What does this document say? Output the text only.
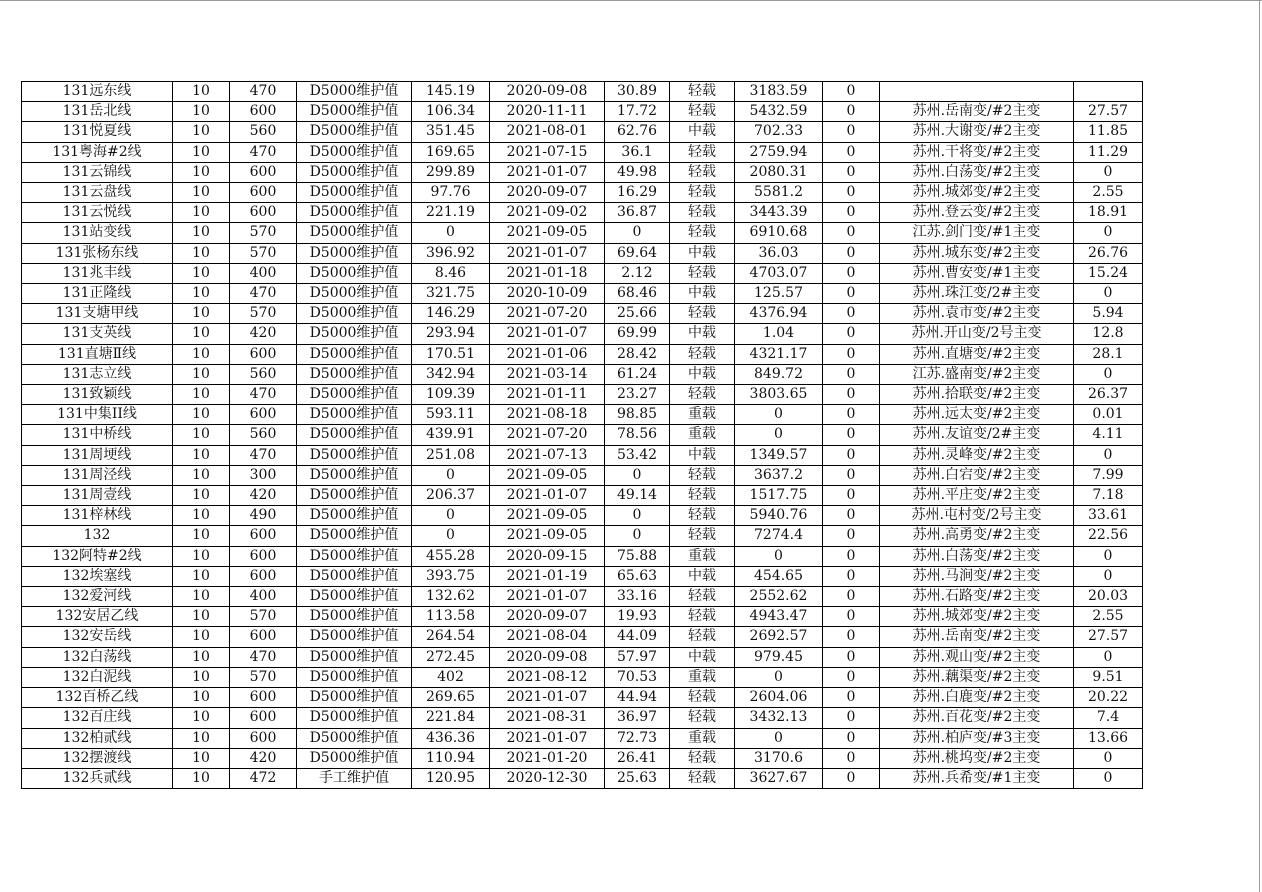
131远东线	10	470	D5000维护值	145.19	2020-09-08	30.89	轻载	3183.59	0		
131岳北线	10	600	D5000维护值	106.34	2020-11-11	17.72	轻载	5432.59	0	苏州.岳南变/#2主变	27.57
131悦夏线	10	560	D5000维护值	351.45	2021-08-01	62.76	中载	702.33	0	苏州.大谢变/#2主变	11.85
131粤海#2线	10	470	D5000维护值	169.65	2021-07-15	36.1	轻载	2759.94	0	苏州.干将变/#2主变	11.29
131云锦线	10	600	D5000维护值	299.89	2021-01-07	49.98	轻载	2080.31	0	苏州.白荡变/#2主变	0
131云盘线	10	600	D5000维护值	97.76	2020-09-07	16.29	轻载	5581.2	0	苏州.城郊变/#2主变	2.55
131云悦线	10	600	D5000维护值	221.19	2021-09-02	36.87	轻载	3443.39	0	苏州.登云变/#2主变	18.91
131站变线	10	570	D5000维护值	0	2021-09-05	0	轻载	6910.68	0	江苏.剑门变/#1主变	0
131张杨东线	10	570	D5000维护值	396.92	2021-01-07	69.64	中载	36.03	0	苏州.城东变/#2主变	26.76
131兆丰线	10	400	D5000维护值	8.46	2021-01-18	2.12	轻载	4703.07	0	苏州.曹安变/#1主变	15.24
131正隆线	10	470	D5000维护值	321.75	2020-10-09	68.46	中载	125.57	0	苏州.珠江变/2#主变	0
131支塘甲线	10	570	D5000维护值	146.29	2021-07-20	25.66	轻载	4376.94	0	苏州.袁市变/#2主变	5.94
131支英线	10	420	D5000维护值	293.94	2021-01-07	69.99	中载	1.04	0	苏州.开山变/2号主变	12.8
131直塘Ⅱ线	10	600	D5000维护值	170.51	2021-01-06	28.42	轻载	4321.17	0	苏州.直塘变/#2主变	28.1
131志立线	10	560	D5000维护值	342.94	2021-03-14	61.24	中载	849.72	0	江苏.盛南变/#2主变	0
131致颖线	10	470	D5000维护值	109.39	2021-01-11	23.27	轻载	3803.65	0	苏州.拾联变/#2主变	26.37
131中集II线	10	600	D5000维护值	593.11	2021-08-18	98.85	重载	0	0	苏州.远太变/#2主变	0.01
131中桥线	10	560	D5000维护值	439.91	2021-07-20	78.56	重载	0	0	苏州.友谊变/2#主变	4.11
131周埂线	10	470	D5000维护值	251.08	2021-07-13	53.42	中载	1349.57	0	苏州.灵峰变/#2主变	0
131周泾线	10	300	D5000维护值	0	2021-09-05	0	轻载	3637.2	0	苏州.白宕变/#2主变	7.99
131周壹线	10	420	D5000维护值	206.37	2021-01-07	49.14	轻载	1517.75	0	苏州.平庄变/#2主变	7.18
131梓林线	10	490	D5000维护值	0	2021-09-05	0	轻载	5940.76	0	苏州.屯村变/2号主变	33.61
132	10	600	D5000维护值	0	2021-09-05	0	轻载	7274.4	0	苏州.高勇变/#2主变	22.56
132阿特#2线	10	600	D5000维护值	455.28	2020-09-15	75.88	重载	0	0	苏州.白荡变/#2主变	0
132埃塞线	10	600	D5000维护值	393.75	2021-01-19	65.63	中载	454.65	0	苏州.马涧变/#2主变	0
132爱河线	10	400	D5000维护值	132.62	2021-01-07	33.16	轻载	2552.62	0	苏州.石路变/#2主变	20.03
132安居乙线	10	570	D5000维护值	113.58	2020-09-07	19.93	轻载	4943.47	0	苏州.城郊变/#2主变	2.55
132安岳线	10	600	D5000维护值	264.54	2021-08-04	44.09	轻载	2692.57	0	苏州.岳南变/#2主变	27.57
132白荡线	10	470	D5000维护值	272.45	2020-09-08	57.97	中载	979.45	0	苏州.观山变/#2主变	0
132白泥线	10	570	D5000维护值	402	2021-08-12	70.53	重载	0	0	苏州.藕渠变/#2主变	9.51
132百桥乙线	10	600	D5000维护值	269.65	2021-01-07	44.94	轻载	2604.06	0	苏州.白鹿变/#2主变	20.22
132百庄线	10	600	D5000维护值	221.84	2021-08-31	36.97	轻载	3432.13	0	苏州.百花变/#2主变	7.4
132柏贰线	10	600	D5000维护值	436.36	2021-01-07	72.73	重载	0	0	苏州.柏庐变/#3主变	13.66
132摆渡线	10	420	D5000维护值	110.94	2021-01-20	26.41	轻载	3170.6	0	苏州.桃坞变/#2主变	0
132兵贰线	10	472	手工维护值	120.95	2020-12-30	25.63	轻载	3627.67	0	苏州.兵希变/#1主变	0
